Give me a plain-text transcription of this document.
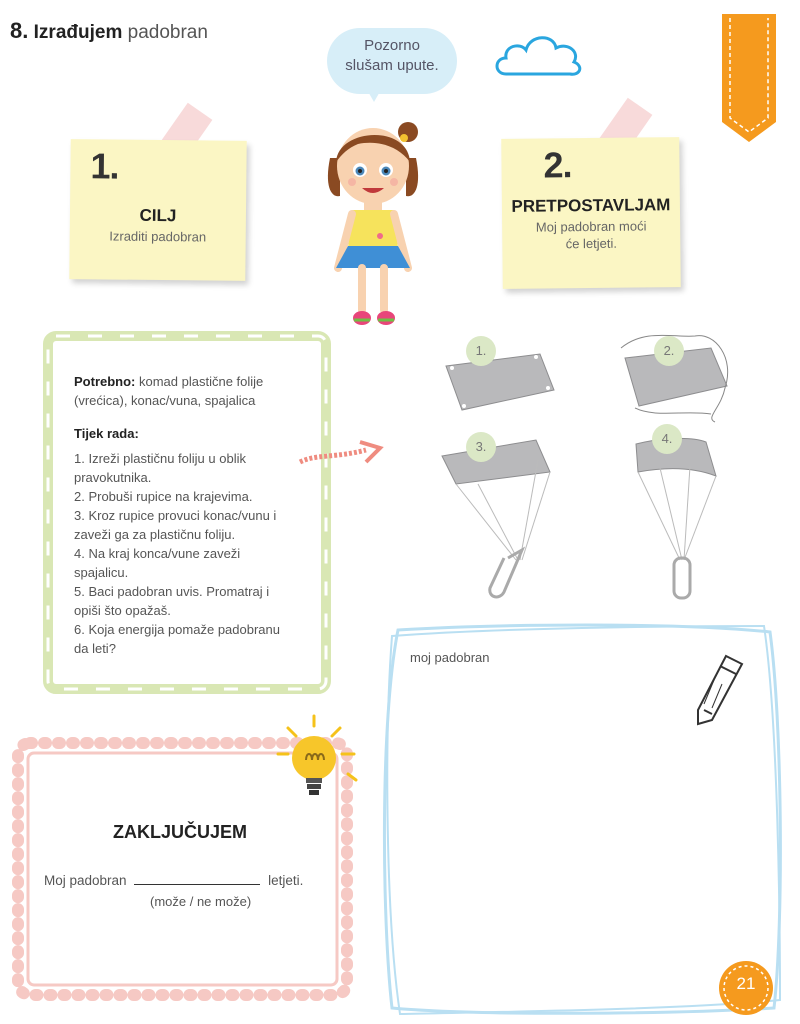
8. Izrađujem padobran
Pozorno
slušam upute.
1.
CILJ
Izraditi padobran
2.
PRETPOSTAVLJAM
Moj padobran moći
će letjeti.
Potrebno: komad plastične folije
(vrećica), konac/vuna, spajalica
Tijek rada:
1. Izreži plastičnu foliju u oblik
pravokutnika.
2. Probuši rupice na krajevima.
3. Kroz rupice provuci konac/vunu i
zaveži ga za plastičnu foliju.
4. Na kraj konca/vune zaveži
spajalicu.
5. Baci padobran uvis. Promatraj i
opiši što opažaš.
6. Koja energija pomaže padobranu
da leti?
1.	2.
3.
4.
ZAKLJUČUJEM
Moj padobran	letjeti.
(može / ne može)
moj padobran
21
